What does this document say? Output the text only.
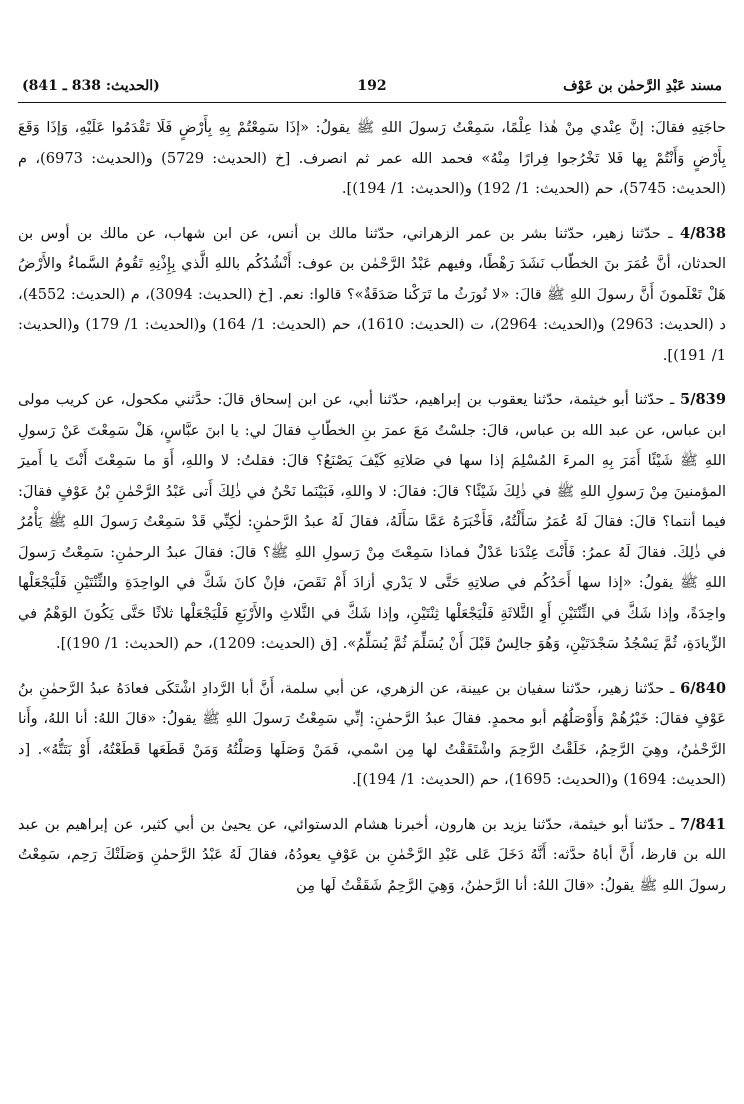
مسند عَبْدِ الرَّحمٰن بن عَوْف
192
(الحديث: 838 ـ 841)

حاجَتِهِ فقالَ: إنَّ عِنْدي مِنْ هٰذا عِلْمًا، سَمِعْتُ رَسولَ اللهِ ﷺ يقولُ: «إذَا سَمِعْتُمْ بِهِ بِأَرْضٍ فَلَا تَقْدَمُوا عَلَيْهِ، وَإذَا وَقَعَ بِأَرْضٍ وَأَنْتُمْ بِها فَلا تَخْرُجوا فِرارًا مِنْهُ» فحمد الله عمر ثم انصرف. [خ (الحديث: 5729) و(الحديث: 6973)، م (الحديث: 5745)، حم (الحديث: 1/ 192) و(الحديث: 1/ 194)].

4/838 ـ حدّثنا زهير، حدّثنا بشر بن عمر الزهراني، حدّثنا مالك بن أنس، عن ابن شهاب، عن مالك بن أوس بن الحدثان، أنَّ عُمَرَ بنَ الخطّاب نَشَدَ رَهْطًا، وفيهم عَبْدُ الرَّحْمٰن بن عوف: أَنْشُدُكُم باللهِ الَّذي بِإِذْنِهِ تَقُومُ السَّماءُ والأَرْضُ هَلْ تَعْلَمونَ أَنَّ رسولَ اللهِ ﷺ قالَ: «لا نُورَثُ ما تَرَكْنا صَدَقَةٌ»؟ قالوا: نعم. [خ (الحديث: 3094)، م (الحديث: 4552)، د (الحديث: 2963) و(الحديث: 2964)، ت (الحديث: 1610)، حم (الحديث: 1/ 164) و(الحديث: 1/ 179) و(الحديث: 1/ 191)].

5/839 ـ حدّثنا أبو خيثمة، حدّثنا يعقوب بن إبراهيم، حدّثنا أبي، عن ابن إسحاق قالَ: حدَّثني مكحول، عن كريب مولى ابن عباس، عن عبد الله بن عباس، قالَ: جلسْتُ مَعَ عمرَ بنِ الخطّابِ فقالَ لي: يا ابنَ عبَّاسٍ، هَلْ سَمِعْتَ عَنْ رَسولِ اللهِ ﷺ شَيْئًا أَمَرَ بِهِ المرءَ المُسْلِمَ إذا سها في صَلاتِهِ كَيْفَ يَصْنَعُ؟ قالَ: فقلتُ: لا واللهِ، أَوَ ما سَمِعْتَ أَنْتَ يا أَميرَ المؤمنينَ مِنْ رَسولِ اللهِ ﷺ في ذٰلِكَ شَيْئًا؟ قالَ: فقالَ: لا واللهِ، فَبَيْنَما نَحْنُ في ذٰلِكَ أَتى عَبْدُ الرَّحْمٰنِ بْنُ عَوْفٍ فقالَ: فيما أنتما؟ قالَ: فقالَ لَهُ عُمَرُ سَأَلْتُهُ، فَأَخْبَرَهُ عَمَّا سَأَلَهُ، فقالَ لَهُ عبدُ الرَّحمٰنِ: لٰكِنِّي قَدْ سَمِعْتُ رَسولَ اللهِ ﷺ يَأْمُرُ في ذٰلِكَ. فقالَ لَهُ عمرُ: فَأَنْتَ عِنْدَنا عَدْلٌ فماذا سَمِعْتَ مِنْ رَسولِ اللهِ ﷺ؟ قالَ: فقالَ عبدُ الرحمٰنِ: سَمِعْتُ رَسولَ اللهِ ﷺ يقولُ: «إذا سها أَحَدُكُم في صلاتِهِ حَتَّى لا يَدْري أزادَ أَمْ نَقَصَ، فإنْ كانَ شَكَّ في الواحِدَةِ والثِّنْتَيْنِ فَلْيَجْعَلْها واحِدَةً، وإذا شَكَّ في الثِّنْتَيْنِ أَوِ الثَّلاثَةِ فَلْيَجْعَلْها ثِنْتَيْنِ، وإذا شَكَّ في الثَّلاثِ والأَرْبَعِ فَلْيَجْعَلْها ثلاثًا حَتَّى يَكُونَ الوَهْمُ في الزِّيادَةِ، ثُمَّ يَسْجُدُ سَجْدَتَيْنِ، وَهُوَ جالِسٌ قَبْلَ أَنْ يُسَلِّمَ ثُمَّ يُسَلِّمُ». [ق (الحديث: 1209)، حم (الحديث: 1/ 190)].

6/840 ـ حدّثنا زهير، حدّثنا سفيان بن عيينة، عن الزهري، عن أبي سلمة، أَنَّ أبا الرَّدادِ اشْتَكَى فعادَهُ عبدُ الرَّحمٰنِ بنُ عَوْفٍ فقالَ: خَيْرُهُمْ وَأَوْصَلُهُم أبو محمدٍ. فقالَ عبدُ الرَّحمٰنِ: إنِّي سَمِعْتُ رَسولَ اللهِ ﷺ يقولُ: «قالَ اللهُ: أنا اللهُ، وأَنا الرَّحْمٰنُ، وهِيَ الرَّحِمُ، خَلَقْتُ الرَّحِمَ واشْتَقَقْتُ لها مِن اسْمي، فَمَنْ وَصَلَها وَصَلْتُهُ وَمَنْ قَطَعَها قَطَعْتُهُ، أَوْ بَتَتُّهُ». [د (الحديث: 1694) و(الحديث: 1695)، حم (الحديث: 1/ 194)].

7/841 ـ حدّثنا أبو خيثمة، حدّثنا يزيد بن هارون، أخبرنا هشام الدستوائي، عن يحيىٰ بن أبي كثير، عن إبراهيم بن عبد الله بن قارظ، أَنَّ أباهُ حدَّثه: أَنَّهُ دَخَلَ عَلى عَبْدِ الرَّحْمٰنِ بن عَوْفٍ يعودُهُ، فقالَ لَهُ عَبْدُ الرَّحمٰنِ وَصَلَتْكَ رَحِم، سَمِعْتُ رسولَ اللهِ ﷺ يقولُ: «قالَ اللهُ: أنا الرَّحمٰنُ، وَهِيَ الرَّحِمُ شَقَقْتُ لَها مِن
